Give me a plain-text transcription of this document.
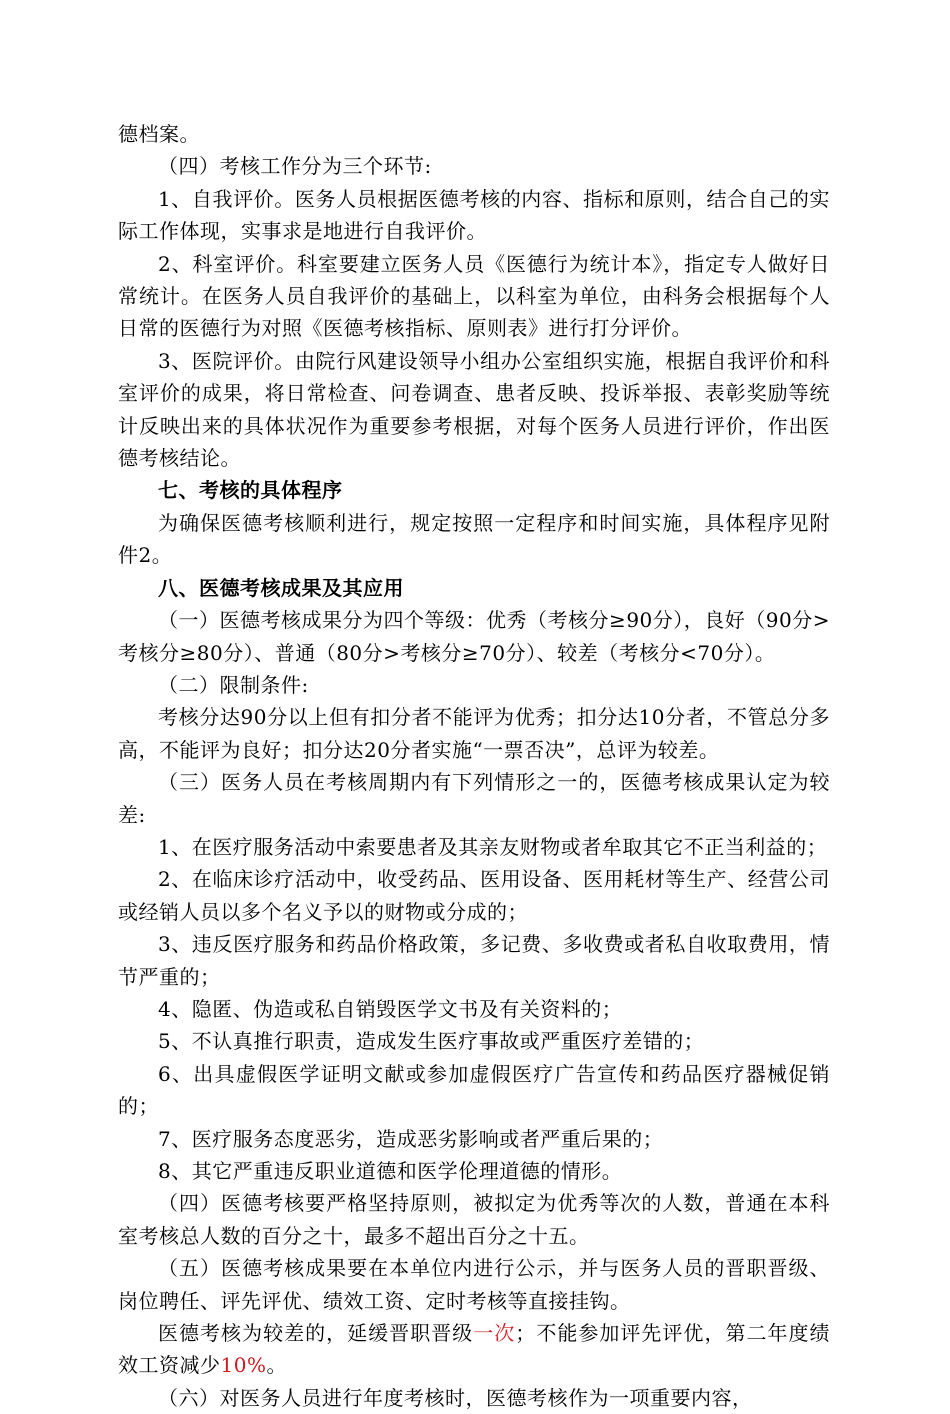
德档案。

（四）考核工作分为三个环节:

1、自我评价。医务人员根据医德考核的内容、指标和原则，结合自己的实际工作体现，实事求是地进行自我评价。

2、科室评价。科室要建立医务人员《医德行为统计本》，指定专人做好日常统计。在医务人员自我评价的基础上，以科室为单位，由科务会根据每个人日常的医德行为对照《医德考核指标、原则表》进行打分评价。

3、医院评价。由院行风建设领导小组办公室组织实施，根据自我评价和科室评价的成果，将日常检查、问卷调查、患者反映、投诉举报、表彰奖励等统计反映出来的具体状况作为重要参考根据，对每个医务人员进行评价，作出医德考核结论。

七、考核的具体程序

为确保医德考核顺利进行，规定按照一定程序和时间实施，具体程序见附件2。

八、医德考核成果及其应用

（一）医德考核成果分为四个等级：优秀（考核分≥90分），良好（90分>考核分≥80分）、普通（80分>考核分≥70分）、较差（考核分<70分）。

（二）限制条件:

考核分达90分以上但有扣分者不能评为优秀；扣分达10分者，不管总分多高，不能评为良好；扣分达20分者实施“一票否决”，总评为较差。

（三）医务人员在考核周期内有下列情形之一的，医德考核成果认定为较差:

1、在医疗服务活动中索要患者及其亲友财物或者牟取其它不正当利益的；

2、在临床诊疗活动中，收受药品、医用设备、医用耗材等生产、经营公司或经销人员以多个名义予以的财物或分成的；

3、违反医疗服务和药品价格政策，多记费、多收费或者私自收取费用，情节严重的；

4、隐匿、伪造或私自销毁医学文书及有关资料的；

5、不认真推行职责，造成发生医疗事故或严重医疗差错的；

6、出具虚假医学证明文献或参加虚假医疗广告宣传和药品医疗器械促销的；

7、医疗服务态度恶劣，造成恶劣影响或者严重后果的；

8、其它严重违反职业道德和医学伦理道德的情形。

（四）医德考核要严格坚持原则，被拟定为优秀等次的人数，普通在本科室考核总人数的百分之十，最多不超出百分之十五。

（五）医德考核成果要在本单位内进行公示，并与医务人员的晋职晋级、岗位聘任、评先评优、绩效工资、定时考核等直接挂钩。

医德考核为较差的，延缓晋职晋级一次；不能参加评先评优，第二年度绩效工资减少10%。

（六）对医务人员进行年度考核时，医德考核作为一项重要内容，
